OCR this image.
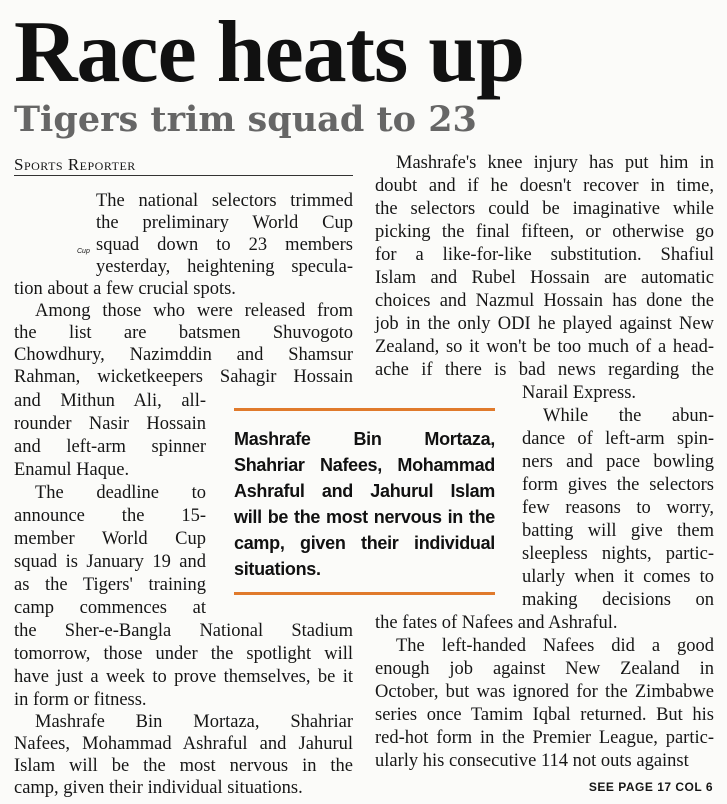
Race heats up
Tigers trim squad to 23
Sports Reporter
Cup
The national selectors trimmed
the preliminary World Cup
squad down to 23 members
yesterday, heightening specula-
tion about a few crucial spots.
Among those who were released from
the list are batsmen Shuvogoto
Chowdhury, Nazimddin and Shamsur
Rahman, wicketkeepers Sahagir Hossain
and Mithun Ali, all-
rounder Nasir Hossain
and left-arm spinner
Enamul Haque.
The deadline to
announce the 15-
member World Cup
squad is January 19 and
as the Tigers' training
camp commences at
the Sher-e-Bangla National Stadium
tomorrow, those under the spotlight will
have just a week to prove themselves, be it
in form or fitness.
Mashrafe Bin Mortaza, Shahriar
Nafees, Mohammad Ashraful and Jahurul
Islam will be the most nervous in the
camp, given their individual situations.
Mashrafe's knee injury has put him in
doubt and if he doesn't recover in time,
the selectors could be imaginative while
picking the final fifteen, or otherwise go
for a like-for-like substitution. Shafiul
Islam and Rubel Hossain are automatic
choices and Nazmul Hossain has done the
job in the only ODI he played against New
Zealand, so it won't be too much of a head-
ache if there is bad news regarding the
Narail Express.
While the abun-
dance of left-arm spin-
ners and pace bowling
form gives the selectors
few reasons to worry,
batting will give them
sleepless nights, partic-
ularly when it comes to
making decisions on
the fates of Nafees and Ashraful.
The left-handed Nafees did a good
enough job against New Zealand in
October, but was ignored for the Zimbabwe
series once Tamim Iqbal returned. But his
red-hot form in the Premier League, partic-
ularly his consecutive 114 not outs against
Mashrafe Bin Mortaza,
Shahriar Nafees, Mohammad
Ashraful and Jahurul Islam
will be the most nervous in the
camp, given their individual
situations.
SEE PAGE 17 COL 6
